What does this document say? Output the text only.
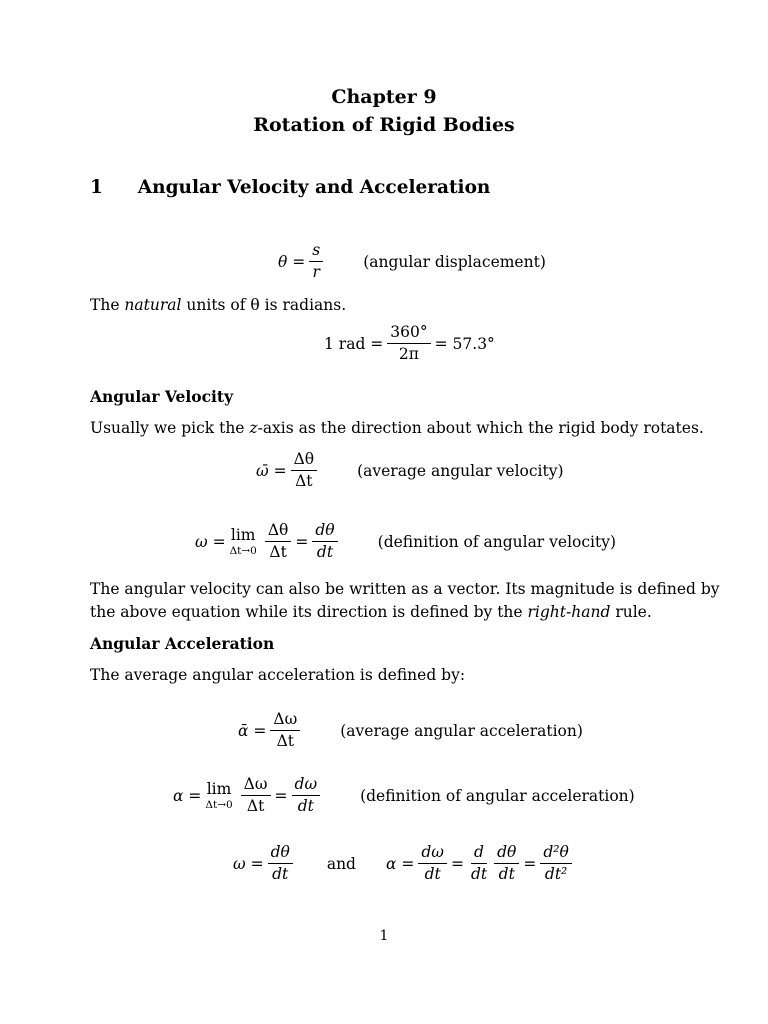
Chapter 9
Rotation of Rigid Bodies
1 Angular Velocity and Acceleration
$\theta = \frac{s}{r}$	(angular displacement)
The natural units of θ is radians.
1 rad = $\frac{360^\circ}{2\pi} = 57.3^\circ$
Angular Velocity
Usually we pick the z-axis as the direction about which the rigid body rotates.
ω̄ = $\frac{\Delta\theta}{\Delta t}$	(average angular velocity)
ω = lim
$\Delta t\to 0 \frac{\Delta\theta}{\Delta t} = \frac{d\theta}{dt}$	(definition of angular velocity)
The angular velocity can also be written as a vector. Its magnitude is defined by
the above equation while its direction is defined by the right-hand rule.
Angular Acceleration
The average angular acceleration is defined by:
ᾱ = $\frac{\Delta\omega}{\Delta t}$	(average angular acceleration)
α = lim
$\Delta t\to 0 \frac{\Delta\omega}{\Delta t} = \frac{d\omega}{dt}$	(definition of angular acceleration)
$\omega = \frac{d\theta}{dt}$ and $\alpha = \frac{d\omega}{dt} = \frac{d}{dt} \frac{d\theta}{dt} = \frac{\text{d²θ}}{\text{dt²}}$
1
